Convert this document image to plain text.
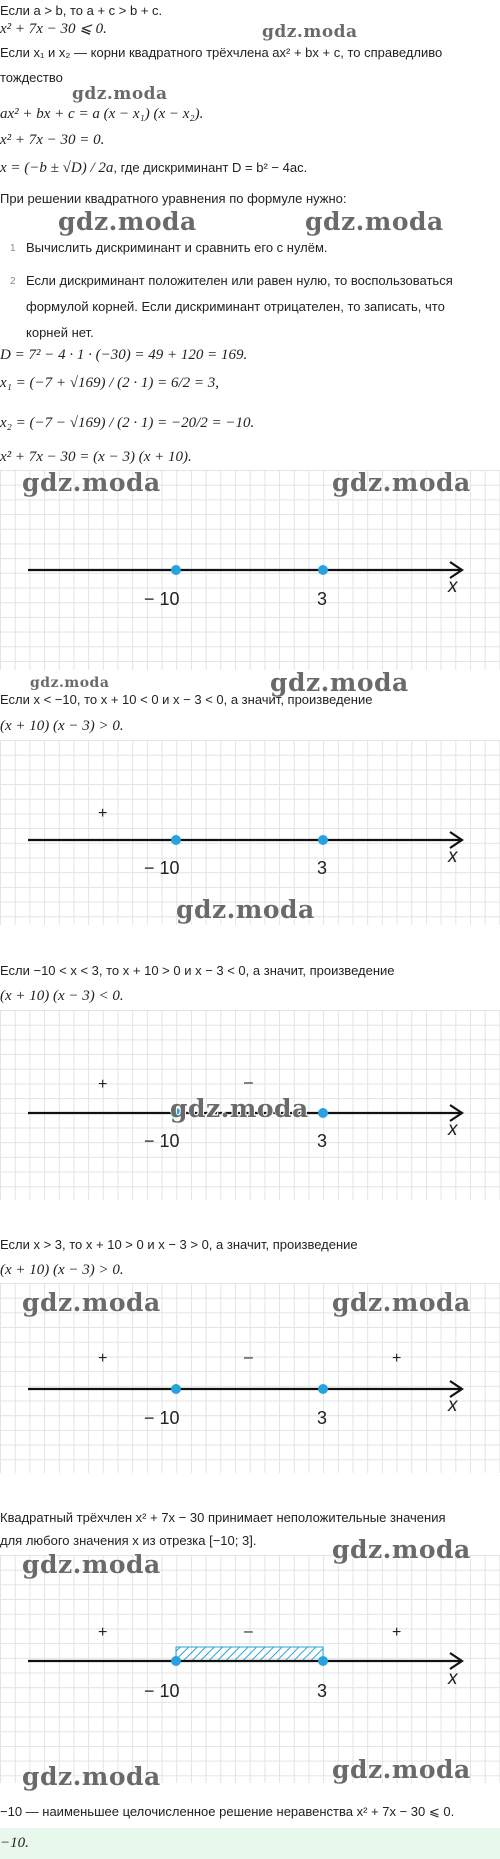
Если a > b, то a + c > b + c.
x² + 7x − 30 ⩽ 0.	gdz.moda
Если x₁ и x₂ — корни квадратного трёхчлена ax² + bx + c, то справедливо
тождество
gdz.moda
ax² + bx + c = a (x − x₁) (x − x₂).
x² + 7x − 30 = 0.
x = (−b ± √D) / 2a, где дискриминант D = b² − 4ac.
При решении квадратного уравнения по формуле нужно:
gdz.moda	gdz.moda
1 Вычислить дискриминант и сравнить его с нулём.
2 Если дискриминант положителен или равен нулю, то воспользоваться формулой корней. Если дискриминант отрицателен, то записать, что корней нет.
D = 7² − 4 · 1 · (−30) = 49 + 120 = 169.
x₁ = (−7 + √169) / (2 · 1) = 6/2 = 3,
x₂ = (−7 − √169) / (2 · 1) = −20/2 = −10.
x² + 7x − 30 = (x − 3) (x + 10).
gdz.moda	gdz.moda
− 10	3
x
gdz.moda	gdz.moda
Если x < −10, то x + 10 < 0 и x − 3 < 0, а значит, произведение
(x + 10) (x − 3) > 0.
+
− 10	3
x
gdz.moda
Если −10 < x < 3, то x + 10 > 0 и x − 3 < 0, а значит, произведение
(x + 10) (x − 3) < 0.
+	–
gdz.moda
− 10	3
x
Если x > 3, то x + 10 > 0 и x − 3 > 0, а значит, произведение
(x + 10) (x − 3) > 0.
gdz.moda	gdz.moda
+	–	+
− 10	3
x
Квадратный трёхчлен x² + 7x − 30 принимает неположительные значения
для любого значения x из отрезка [−10; 3].
gdz.moda
gdz.moda
+	–	+
− 10	3
x
gdz.moda	gdz.moda
−10 — наименьшее целочисленное решение неравенства x² + 7x − 30 ⩽ 0.
−10.
